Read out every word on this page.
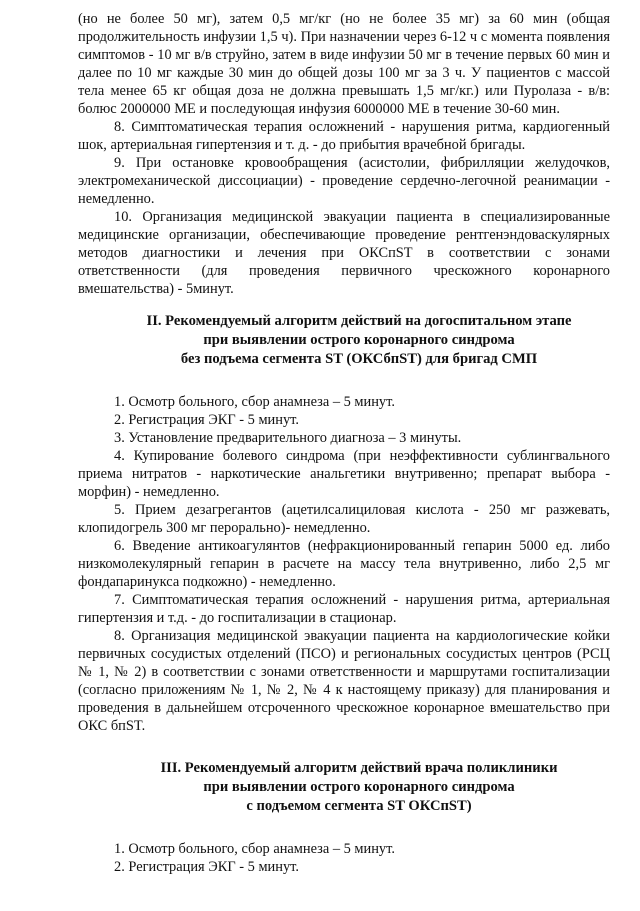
(но не более 50 мг), затем 0,5 мг/кг (но не более 35 мг) за 60 мин (общая продолжительность инфузии 1,5 ч). При назначении через 6-12 ч с момента появления симптомов - 10 мг в/в струйно, затем в виде инфузии 50 мг в течение первых 60 мин и далее по 10 мг каждые 30 мин до общей дозы 100 мг за 3 ч. У пациентов с массой тела менее 65 кг общая доза не должна превышать 1,5 мг/кг.) или Пуролаза - в/в: болюс 2000000 МЕ и последующая инфузия 6000000 МЕ в течение 30-60 мин.

8. Симптоматическая терапия осложнений - нарушения ритма, кардиогенный шок, артериальная гипертензия и т. д. - до прибытия врачебной бригады.

9. При остановке кровообращения (асистолии, фибрилляции желудочков, электромеханической диссоциации) - проведение сердечно-легочной реанимации - немедленно.

10. Организация медицинской эвакуации пациента в специализированные медицинские организации, обеспечивающие проведение рентгенэндоваскулярных методов диагностики и лечения при ОКСпST в соответствии с зонами ответственности (для проведения первичного чрескожного коронарного вмешательства) - 5минут.

II. Рекомендуемый алгоритм действий на догоспитальном этапе
при выявлении острого коронарного синдрома
без подъема сегмента ST (ОКСбпST) для бригад СМП
1. Осмотр больного, сбор анамнеза – 5 минут.
2. Регистрация ЭКГ - 5 минут.
3. Установление предварительного диагноза – 3 минуты.
4. Купирование болевого синдрома (при неэффективности сублингвального приема нитратов - наркотические анальгетики внутривенно; препарат выбора - морфин) - немедленно.
5. Прием дезагрегантов (ацетилсалициловая кислота - 250 мг разжевать, клопидогрель 300 мг перорально)- немедленно.
6. Введение антикоагулянтов (нефракционированный гепарин 5000 ед. либо низкомолекулярный гепарин в расчете на массу тела внутривенно, либо 2,5 мг фондапаринукса подкожно) - немедленно.
7. Симптоматическая терапия осложнений - нарушения ритма, артериальная гипертензия и т.д. - до госпитализации в стационар.
8. Организация медицинской эвакуации пациента на кардиологические койки первичных сосудистых отделений (ПСО) и региональных сосудистых центров (РСЦ № 1, № 2) в соответствии с зонами ответственности и маршрутами госпитализации (согласно приложениям № 1, № 2, № 4 к настоящему приказу) для планирования и проведения в дальнейшем отсроченного чрескожное коронарное вмешательство при ОКС бпST.
III. Рекомендуемый алгоритм действий врача поликлиники
при выявлении острого коронарного синдрома
с подъемом сегмента ST ОКСпST)
1. Осмотр больного, сбор анамнеза – 5 минут.
2. Регистрация ЭКГ - 5 минут.
